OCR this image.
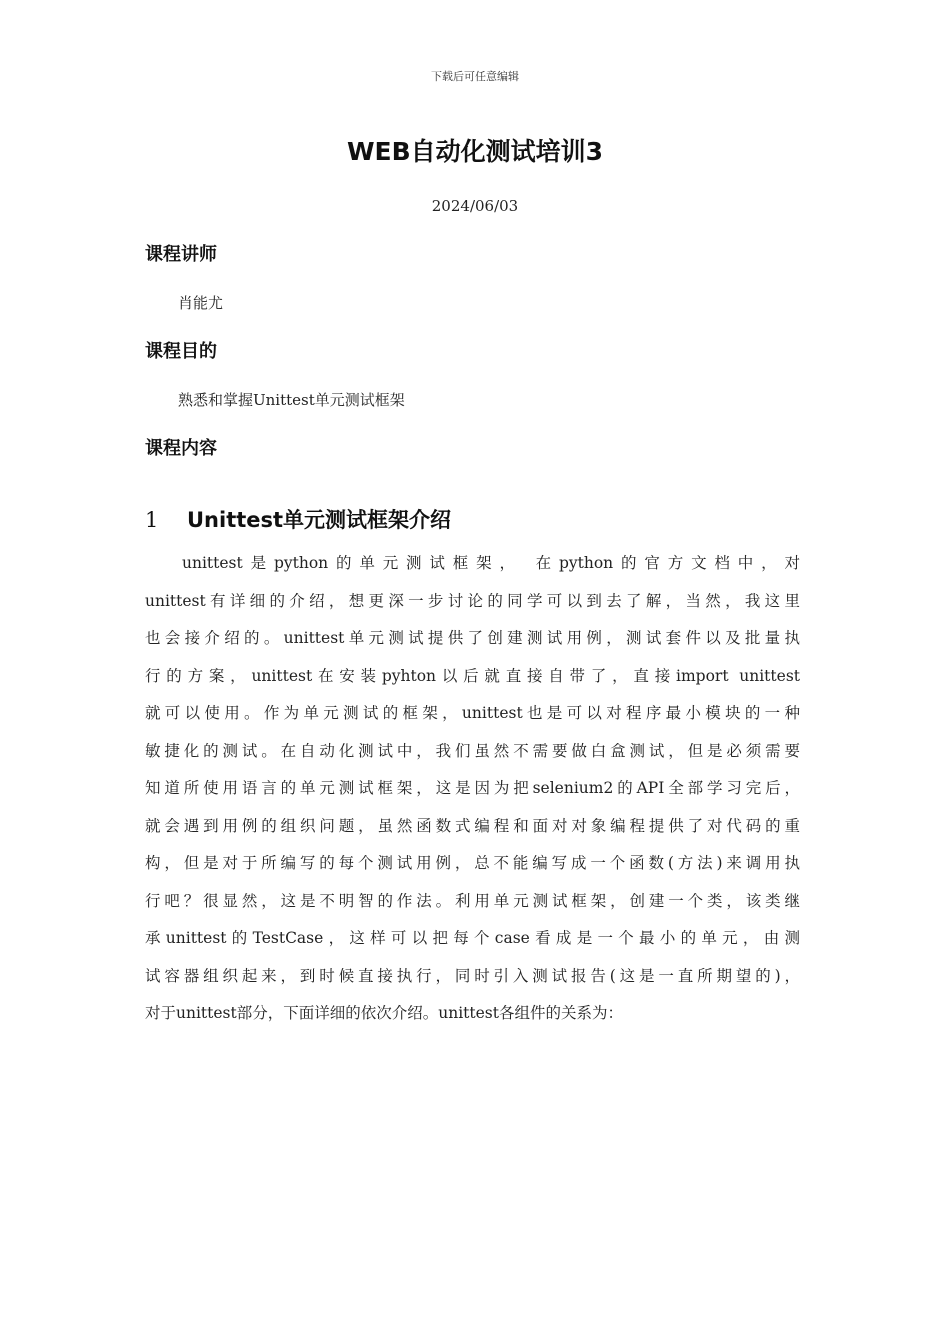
下载后可任意编辑
WEB自动化测试培训3
2024/06/03
课程讲师
肖能尤
课程目的
熟悉和掌握Unittest单元测试框架
课程内容
1 Unittest单元测试框架介绍
unittest是python的单元测试框架， 在python的官方文档中，对
unittest有详细的介绍，想更深一步讨论的同学可以到去了解，当然，我这里
也会接介绍的。unittest单元测试提供了创建测试用例，测试套件以及批量执
行的方案，unittest在安装pyhton以后就直接自带了，直接import unittest
就可以使用。作为单元测试的框架，unittest也是可以对程序最小模块的一种
敏捷化的测试。在自动化测试中，我们虽然不需要做白盒测试，但是必须需要
知道所使用语言的单元测试框架，这是因为把selenium2的API全部学习完后，
就会遇到用例的组织问题，虽然函数式编程和面对对象编程提供了对代码的重
构，但是对于所编写的每个测试用例，总不能编写成一个函数(方法)来调用执
行吧？很显然，这是不明智的作法。利用单元测试框架，创建一个类，该类继
承unittest的TestCase，这样可以把每个case看成是一个最小的单元，由测
试容器组织起来，到时候直接执行，同时引入测试报告(这是一直所期望的)，
对于unittest部分，下面详细的依次介绍。unittest各组件的关系为：
